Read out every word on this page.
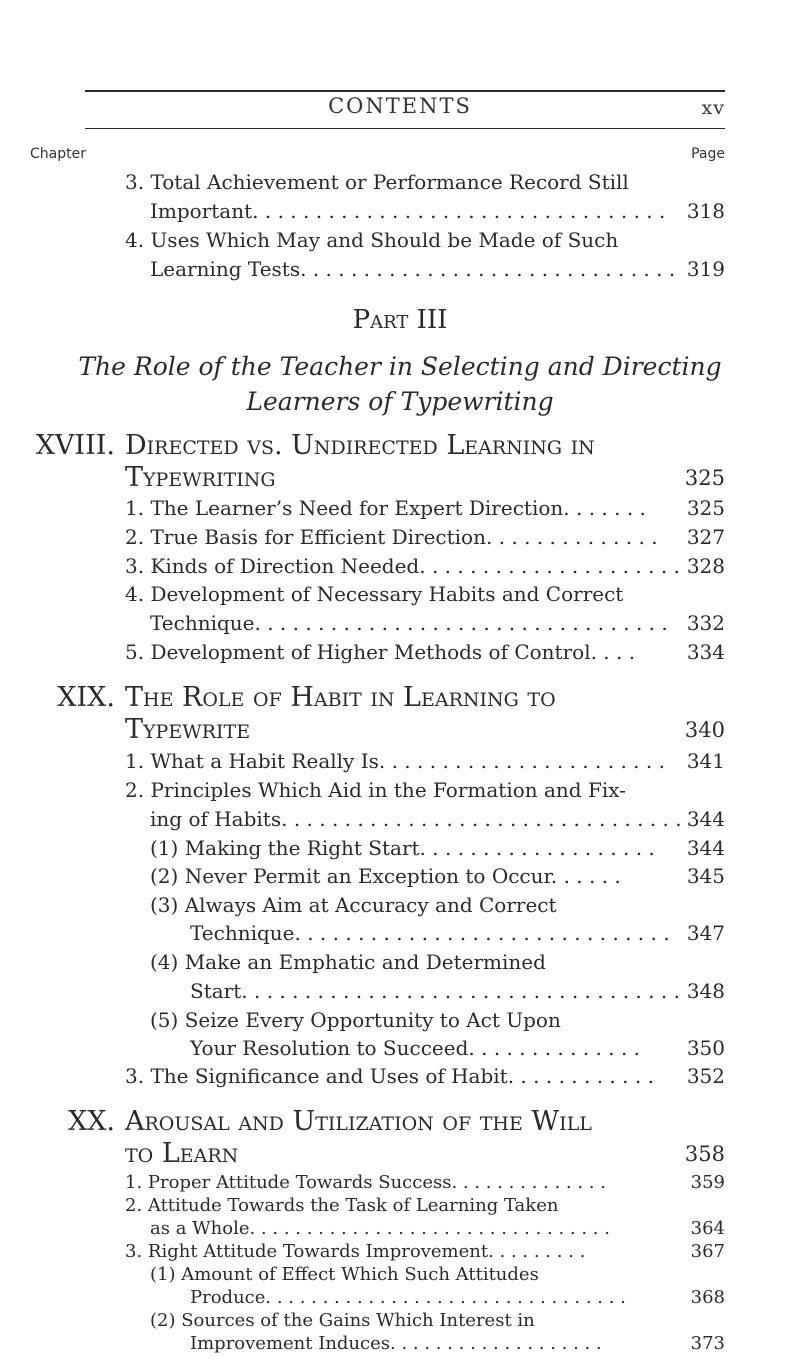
CONTENTS	xv
Chapter	Page
3. Total Achievement or Performance Record Still
Important. . . . . . . . . . . . . . . . . . . . . . . . . . . . . . . . . 318
4. Uses Which May and Should be Made of Such
Learning Tests. . . . . . . . . . . . . . . . . . . . . . . . . . . . . . 319
Part III
The Role of the Teacher in Selecting and Directing
Learners of Typewriting
XVIII. Directed vs. Undirected Learning in
Typewriting	325
1. The Learner’s Need for Expert Direction. . . . . . . 325
2. True Basis for Efficient Direction. . . . . . . . . . . . . . 327
3. Kinds of Direction Needed. . . . . . . . . . . . . . . . . . . . . 328
4. Development of Necessary Habits and Correct
Technique. . . . . . . . . . . . . . . . . . . . . . . . . . . . . . . . . 332
5. Development of Higher Methods of Control. . . .	334
XIX. The Role of Habit in Learning to
Typewrite	340
1. What a Habit Really Is. . . . . . . . . . . . . . . . . . . . . . . 341
2. Principles Which Aid in the Formation and Fix-
ing of Habits. . . . . . . . . . . . . . . . . . . . . . . . . . . . . . . . 344
(1) Making the Right Start. . . . . . . . . . . . . . . . . . . 344
(2) Never Permit an Exception to Occur. . . . . .	345
(3) Always Aim at Accuracy and Correct
Technique. . . . . . . . . . . . . . . . . . . . . . . . . . . . . . 347
(4) Make an Emphatic and Determined
Start. . . . . . . . . . . . . . . . . . . . . . . . . . . . . . . . . . . 348
(5) Seize Every Opportunity to Act Upon
Your Resolution to Succeed. . . . . . . . . . . . . . 350
3. The Significance and Uses of Habit. . . . . . . . . . . . 352
XX. Arousal and Utilization of the Will
to Learn	358
1. Proper Attitude Towards Success. . . . . . . . . . . . . .	359
2. Attitude Towards the Task of Learning Taken
as a Whole. . . . . . . . . . . . . . . . . . . . . . . . . . . . . . . .	364
3. Right Attitude Towards Improvement. . . . . . . . .	367
(1) Amount of Effect Which Such Attitudes
Produce. . . . . . . . . . . . . . . . . . . . . . . . . . . . . . . .	368
(2) Sources of the Gains Which Interest in
Improvement Induces. . . . . . . . . . . . . . . . . . .	373
